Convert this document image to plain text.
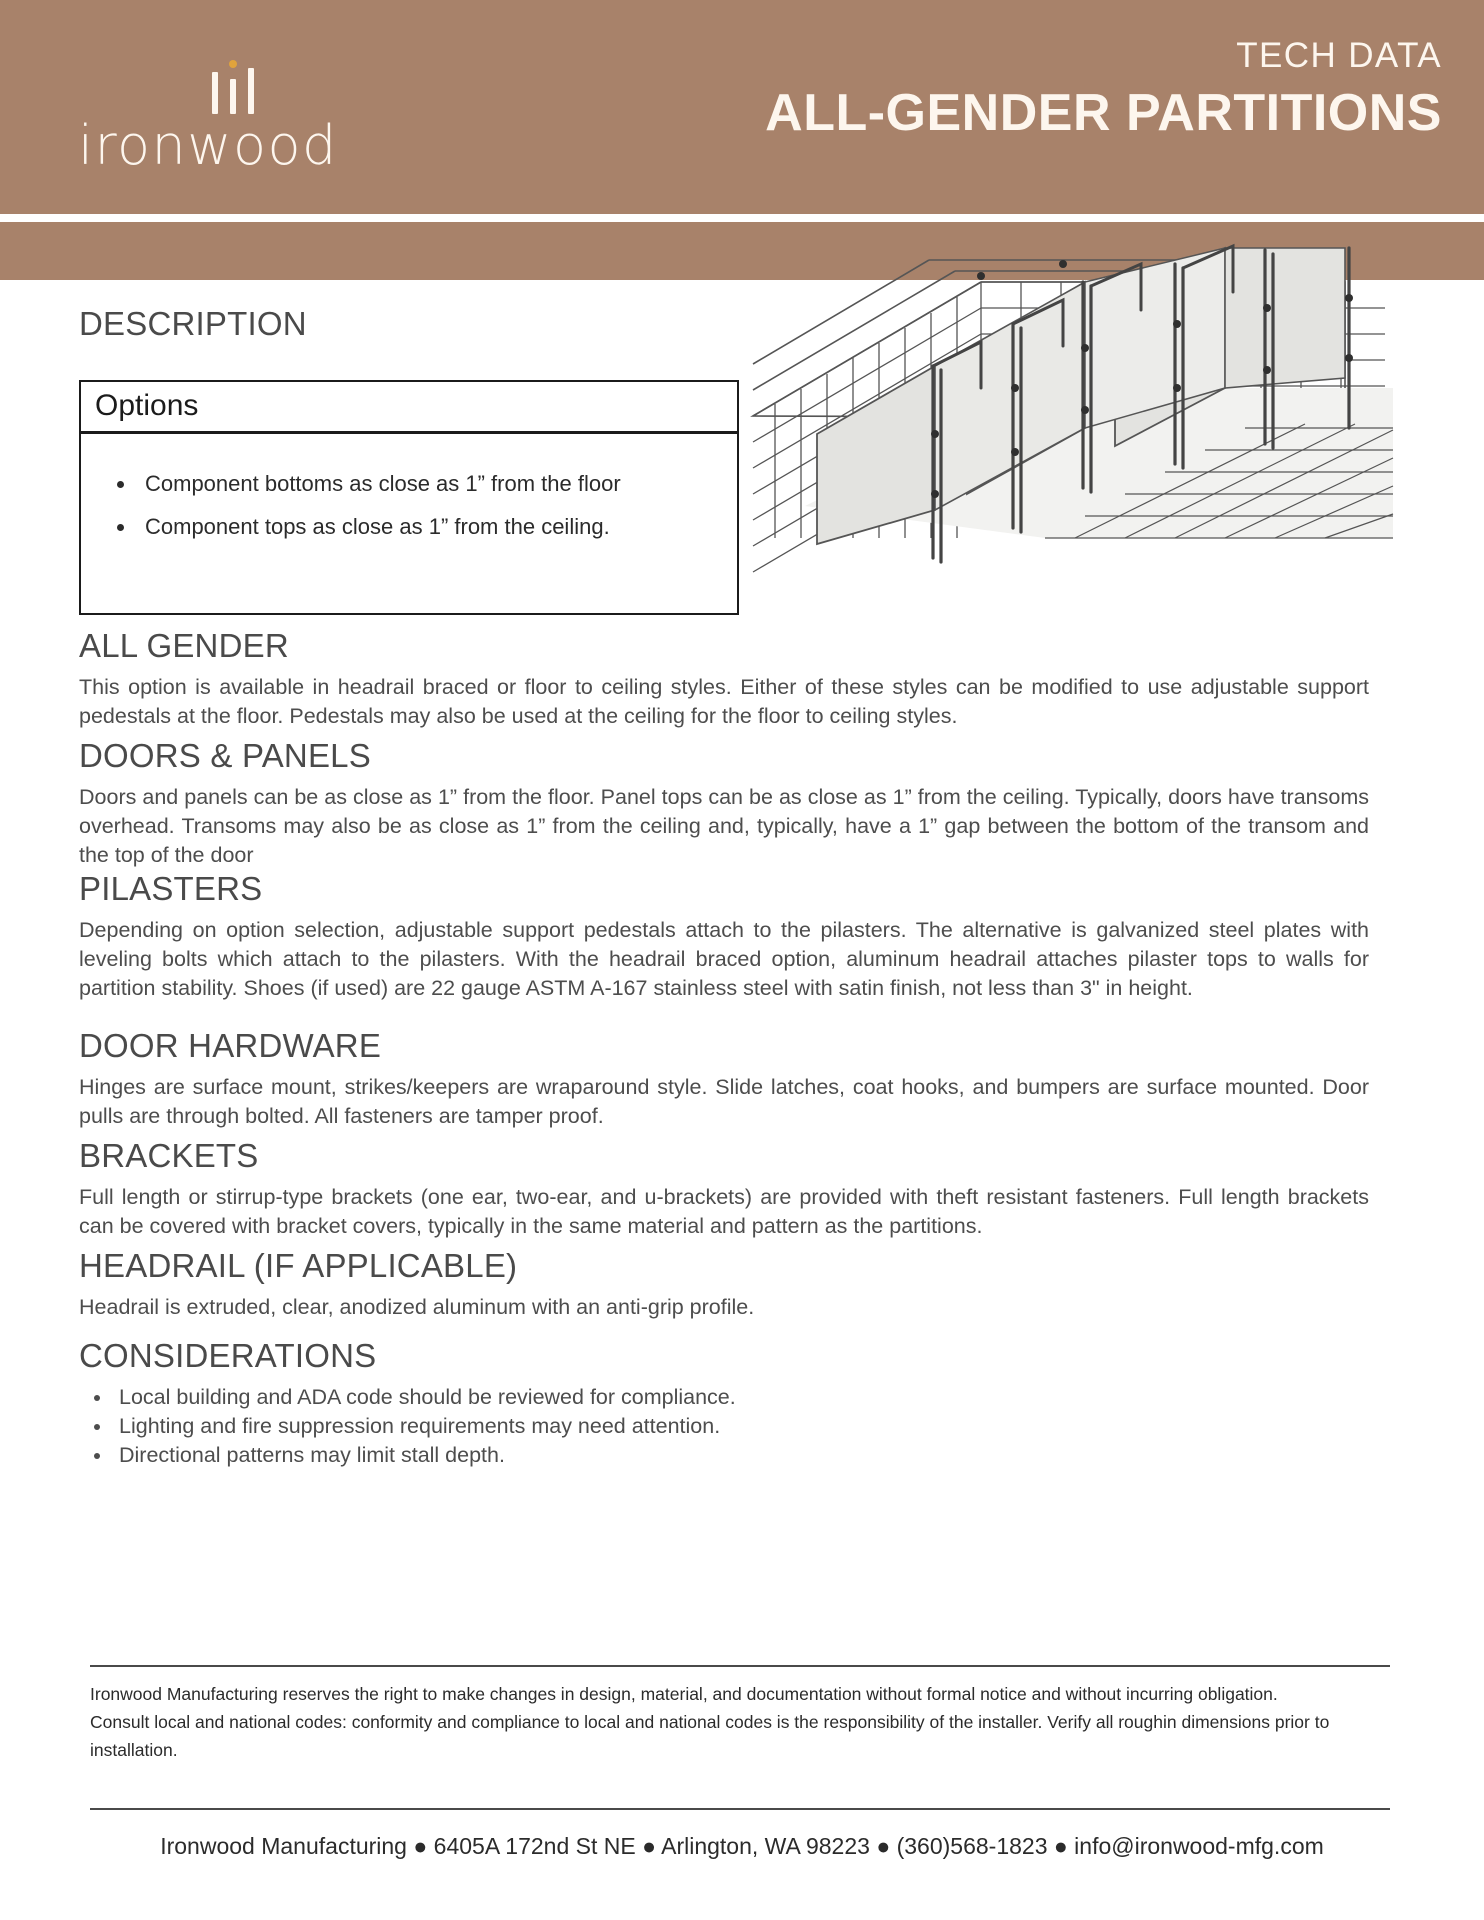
ironwood
TECH DATA
ALL-GENDER PARTITIONS
DESCRIPTION
Options
• Component bottoms as close as 1” from the floor
• Component tops as close as 1” from the ceiling.
ALL GENDER

This option is available in headrail braced or floor to ceiling styles. Either of these styles can be modified to use adjustable support pedestals at the floor. Pedestals may also be used at the ceiling for the floor to ceiling styles.

DOORS & PANELS

Doors and panels can be as close as 1” from the floor. Panel tops can be as close as 1” from the ceiling. Typically, doors have transoms overhead. Transoms may also be as close as 1” from the ceiling and, typically, have a 1” gap between the bottom of the transom and the top of the door

PILASTERS

Depending on option selection, adjustable support pedestals attach to the pilasters. The alternative is galvanized steel plates with leveling bolts which attach to the pilasters. With the headrail braced option, aluminum headrail attaches pilaster tops to walls for partition stability. Shoes (if used) are 22 gauge ASTM A-167 stainless steel with satin finish, not less than 3" in height.

DOOR HARDWARE

Hinges are surface mount, strikes/keepers are wraparound style. Slide latches, coat hooks, and bumpers are surface mounted. Door pulls are through bolted. All fasteners are tamper proof.

BRACKETS

Full length or stirrup-type brackets (one ear, two-ear, and u-brackets) are provided with theft resistant fasteners. Full length brackets can be covered with bracket covers, typically in the same material and pattern as the partitions.

HEADRAIL (IF APPLICABLE)

Headrail is extruded, clear, anodized aluminum with an anti-grip profile.

CONSIDERATIONS
• Local building and ADA code should be reviewed for compliance.
• Lighting and fire suppression requirements may need attention.
• Directional patterns may limit stall depth.
Ironwood Manufacturing reserves the right to make changes in design, material, and documentation without formal notice and without incurring obligation. Consult local and national codes: conformity and compliance to local and national codes is the responsibility of the installer. Verify all roughin dimensions prior to installation.
Ironwood Manufacturing ● 6405A 172nd St NE ● Arlington, WA 98223 ● (360)568-1823 ● info@ironwood-mfg.com
